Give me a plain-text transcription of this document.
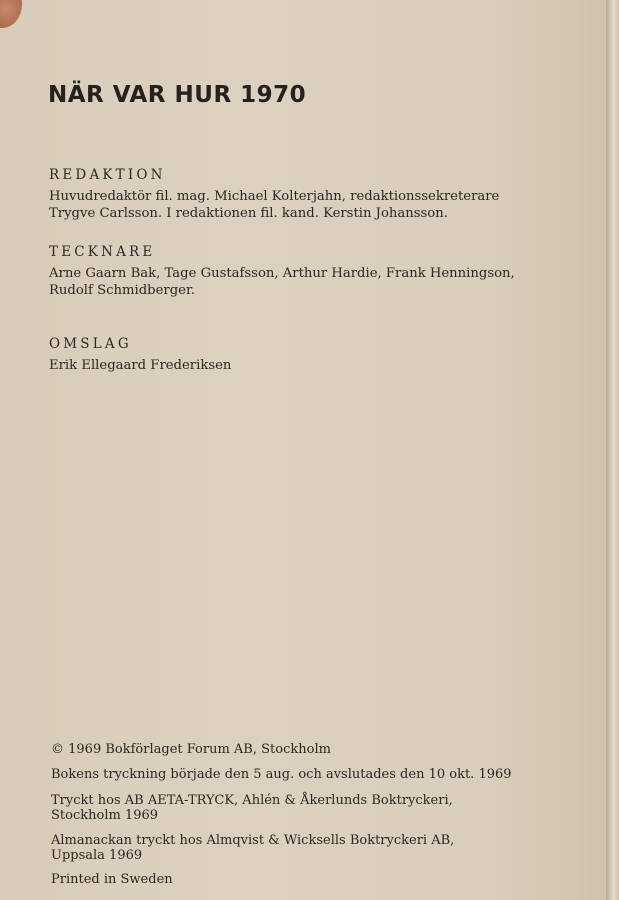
NÄR VAR HUR 1970
REDAKTION

Huvudredaktör fil. mag. Michael Kolterjahn, redaktionssekreterare

Trygve Carlsson. I redaktionen fil. kand. Kerstin Johansson.

TECKNARE

Arne Gaarn Bak, Tage Gustafsson, Arthur Hardie, Frank Henningson,

Rudolf Schmidberger.

OMSLAG

Erik Ellegaard Frederiksen

© 1969 Bokförlaget Forum AB, Stockholm

Bokens tryckning började den 5 aug. och avslutades den 10 okt. 1969

Tryckt hos AB AETA-TRYCK, Ahlén & Åkerlunds Boktryckeri,

Stockholm 1969

Almanackan tryckt hos Almqvist & Wicksells Boktryckeri AB,

Uppsala 1969

Printed in Sweden
